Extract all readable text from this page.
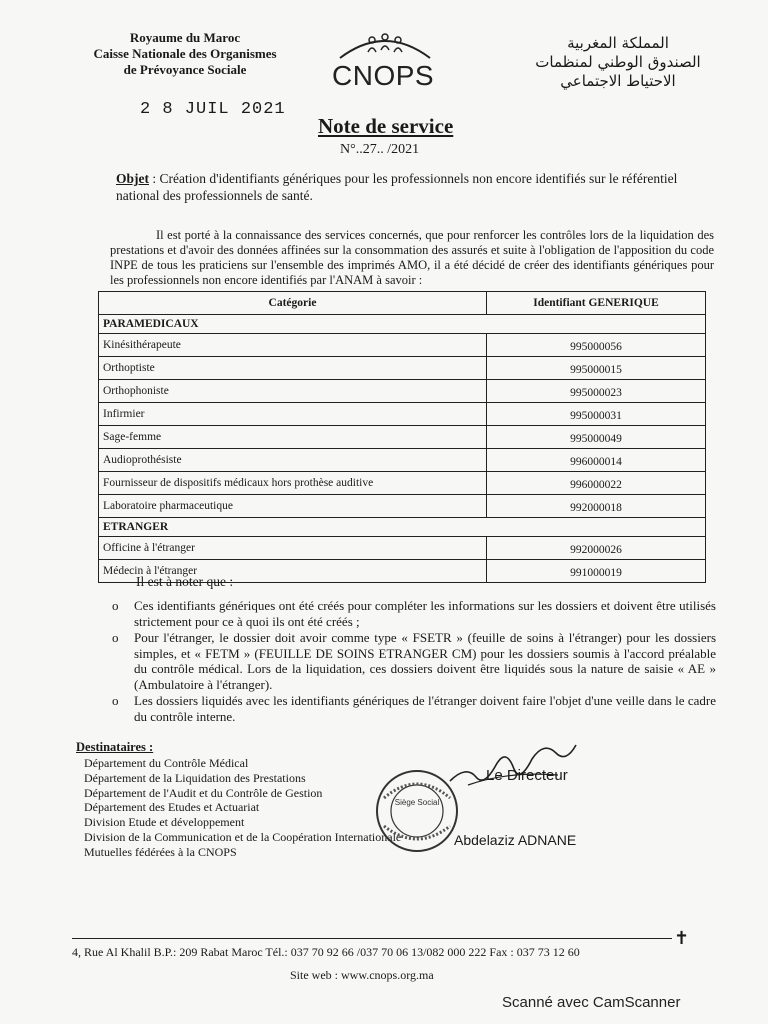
Royaume du Maroc
Caisse Nationale des Organismes
de Prévoyance Sociale	CNOPS
المملكة المغربية
الصندوق الوطني لمنظمات
الاحتياط الاجتماعي
2 8 JUIL 2021
Note de service
N°..27.. /2021
Objet : Création d'identifiants génériques pour les professionnels non encore identifiés sur le référentiel national des professionnels de santé.
Il est porté à la connaissance des services concernés, que pour renforcer les contrôles lors de la liquidation des prestations et d'avoir des données affinées sur la consommation des assurés et suite à l'obligation de l'apposition du code INPE de tous les praticiens sur l'ensemble des imprimés AMO, il a été décidé de créer des identifiants génériques pour les professionnels non encore identifiés par l'ANAM à savoir :
Catégorie	Identifiant GENERIQUE
PARAMEDICAUX	
Kinésithérapeute	995000056
Orthoptiste	995000015
Orthophoniste	995000023
Infirmier	995000031
Sage-femme	995000049
Audioprothésiste	996000014
Fournisseur de dispositifs médicaux hors prothèse auditive	996000022
Laboratoire pharmaceutique	992000018
ETRANGER	
Officine à l'étranger	992000026
Médecin à l'étranger	991000019
Il est à noter que :
o Ces identifiants génériques ont été créés pour compléter les informations sur les dossiers et doivent être utilisés strictement pour ce à quoi ils ont été créés ;
o Pour l'étranger, le dossier doit avoir comme type « FSETR » (feuille de soins à l'étranger) pour les dossiers simples, et « FETM » (FEUILLE DE SOINS ETRANGER CM) pour les dossiers soumis à l'accord préalable du contrôle médical. Lors de la liquidation, ces dossiers doivent être liquidés sous la nature de saisie « AE » (Ambulatoire à l'étranger).
o Les dossiers liquidés avec les identifiants génériques de l'étranger doivent faire l'objet d'une veille dans le cadre du contrôle interne.
Destinataires :
Département du Contrôle Médical
Département de la Liquidation des Prestations
Département de l'Audit et du Contrôle de Gestion
Département des Etudes et Actuariat
Division Etude et développement
Division de la Communication et de la Coopération Internationale
Mutuelles fédérées à la CNOPS
Siège Social
Le Directeur
Abdelaziz ADNANE
✝
4, Rue Al Khalil B.P.: 209 Rabat Maroc Tél.: 037 70 92 66 /037 70 06 13/082 000 222 Fax : 037 73 12 60
Site web : www.cnops.org.ma
Scanné avec CamScanner
